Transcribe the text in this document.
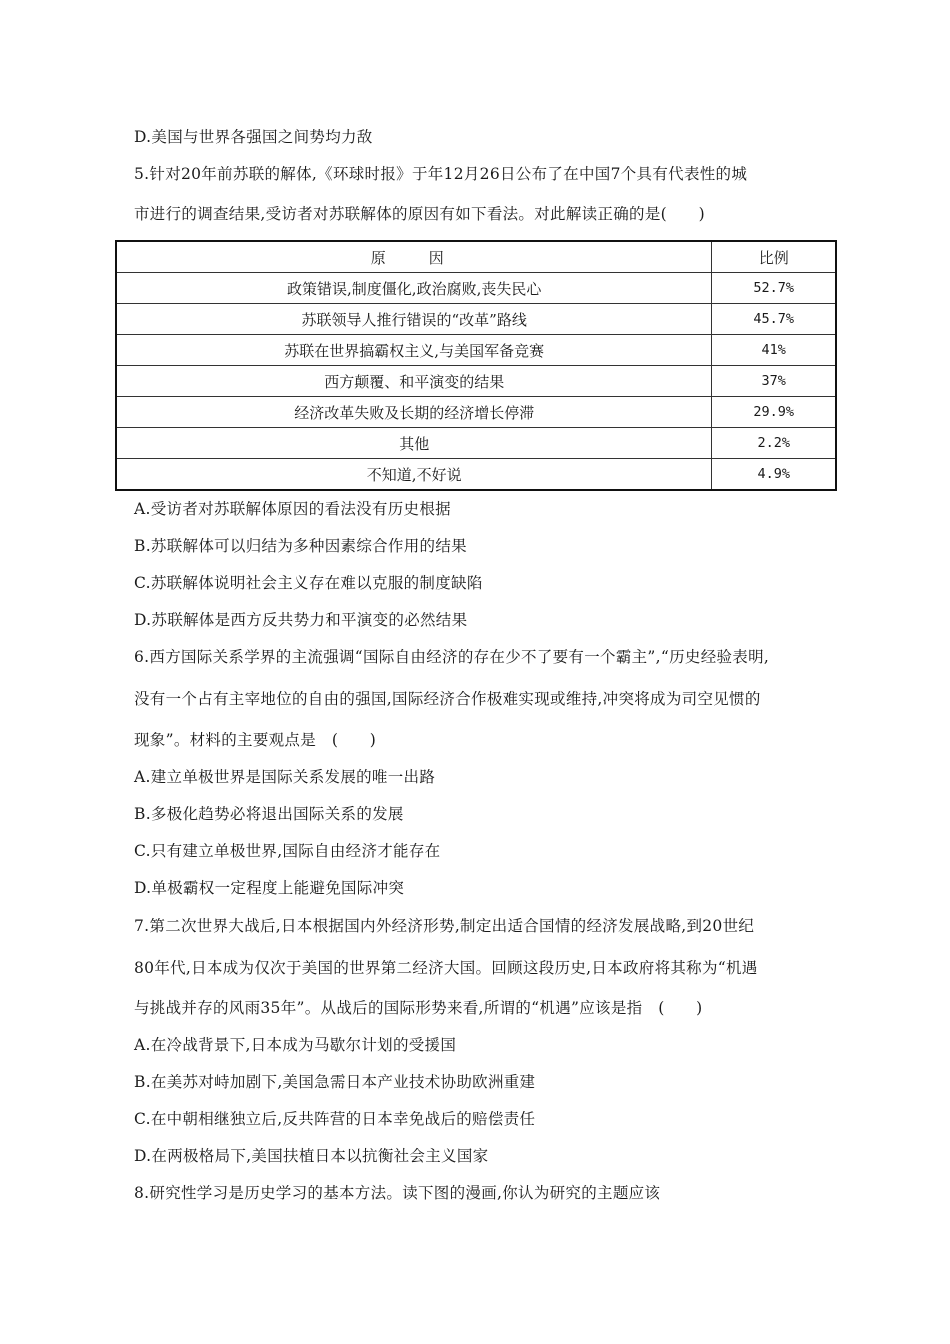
D.美国与世界各强国之间势均力敌
5.针对20年前苏联的解体,《环球时报》于年12月26日公布了在中国7个具有代表性的城
市进行的调查结果,受访者对苏联解体的原因有如下看法。对此解读正确的是(　　)
原　因	比例
政策错误,制度僵化,政治腐败,丧失民心	52.7%
苏联领导人推行错误的“改革”路线	45.7%
苏联在世界搞霸权主义,与美国军备竞赛	41%
西方颠覆、和平演变的结果	37%
经济改革失败及长期的经济增长停滞	29.9%
其他	2.2%
不知道,不好说	4.9%
A.受访者对苏联解体原因的看法没有历史根据
B.苏联解体可以归结为多种因素综合作用的结果
C.苏联解体说明社会主义存在难以克服的制度缺陷
D.苏联解体是西方反共势力和平演变的必然结果
6.西方国际关系学界的主流强调“国际自由经济的存在少不了要有一个霸主”,“历史经验表明,
没有一个占有主宰地位的自由的强国,国际经济合作极难实现或维持,冲突将成为司空见惯的
现象”。材料的主要观点是　(　　)
A.建立单极世界是国际关系发展的唯一出路
B.多极化趋势必将退出国际关系的发展
C.只有建立单极世界,国际自由经济才能存在
D.单极霸权一定程度上能避免国际冲突
7.第二次世界大战后,日本根据国内外经济形势,制定出适合国情的经济发展战略,到20世纪
80年代,日本成为仅次于美国的世界第二经济大国。回顾这段历史,日本政府将其称为“机遇
与挑战并存的风雨35年”。从战后的国际形势来看,所谓的“机遇”应该是指　(　　)
A.在冷战背景下,日本成为马歇尔计划的受援国
B.在美苏对峙加剧下,美国急需日本产业技术协助欧洲重建
C.在中朝相继独立后,反共阵营的日本幸免战后的赔偿责任
D.在两极格局下,美国扶植日本以抗衡社会主义国家
8.研究性学习是历史学习的基本方法。读下图的漫画,你认为研究的主题应该
